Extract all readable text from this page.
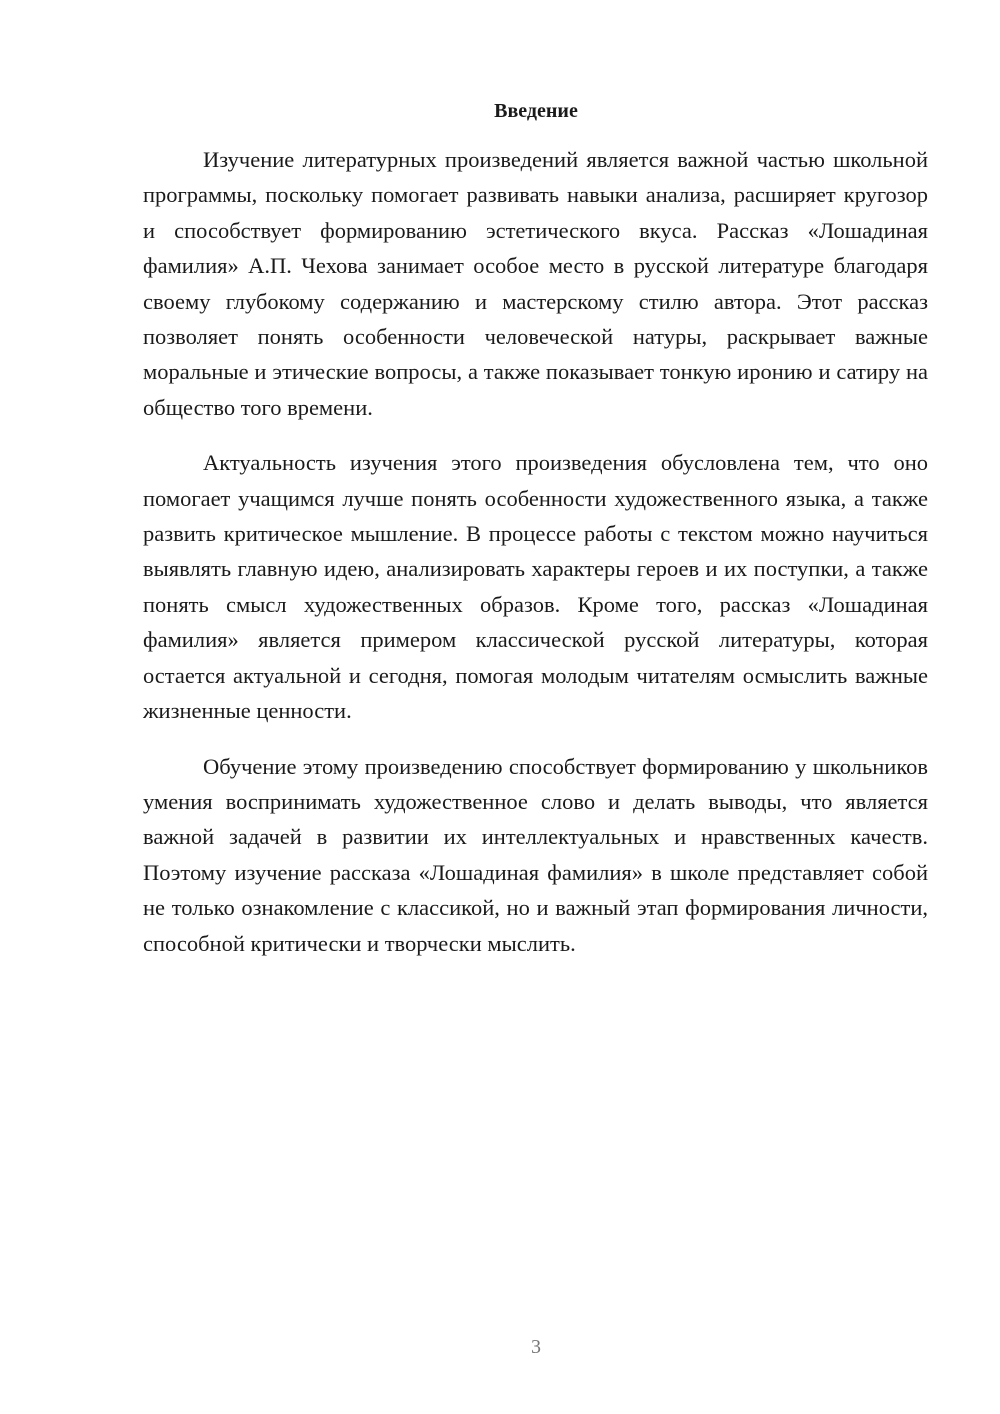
Введение

Изучение литературных произведений является важной частью школьной программы, поскольку помогает развивать навыки анализа, расширяет кругозор и способствует формированию эстетического вкуса. Рассказ «Лошадиная фамилия» А.П. Чехова занимает особое место в русской литературе благодаря своему глубокому содержанию и мастерскому стилю автора. Этот рассказ позволяет понять особенности человеческой натуры, раскрывает важные моральные и этические вопросы, а также показывает тонкую иронию и сатиру на общество того времени.

Актуальность изучения этого произведения обусловлена тем, что оно помогает учащимся лучше понять особенности художественного языка, а также развить критическое мышление. В процессе работы с текстом можно научиться выявлять главную идею, анализировать характеры героев и их поступки, а также понять смысл художественных образов. Кроме того, рассказ «Лошадиная фамилия» является примером классической русской литературы, которая остается актуальной и сегодня, помогая молодым читателям осмыслить важные жизненные ценности.

Обучение этому произведению способствует формированию у школьников умения воспринимать художественное слово и делать выводы, что является важной задачей в развитии их интеллектуальных и нравственных качеств. Поэтому изучение рассказа «Лошадиная фамилия» в школе представляет собой не только ознакомление с классикой, но и важный этап формирования личности, способной критически и творчески мыслить.

3
